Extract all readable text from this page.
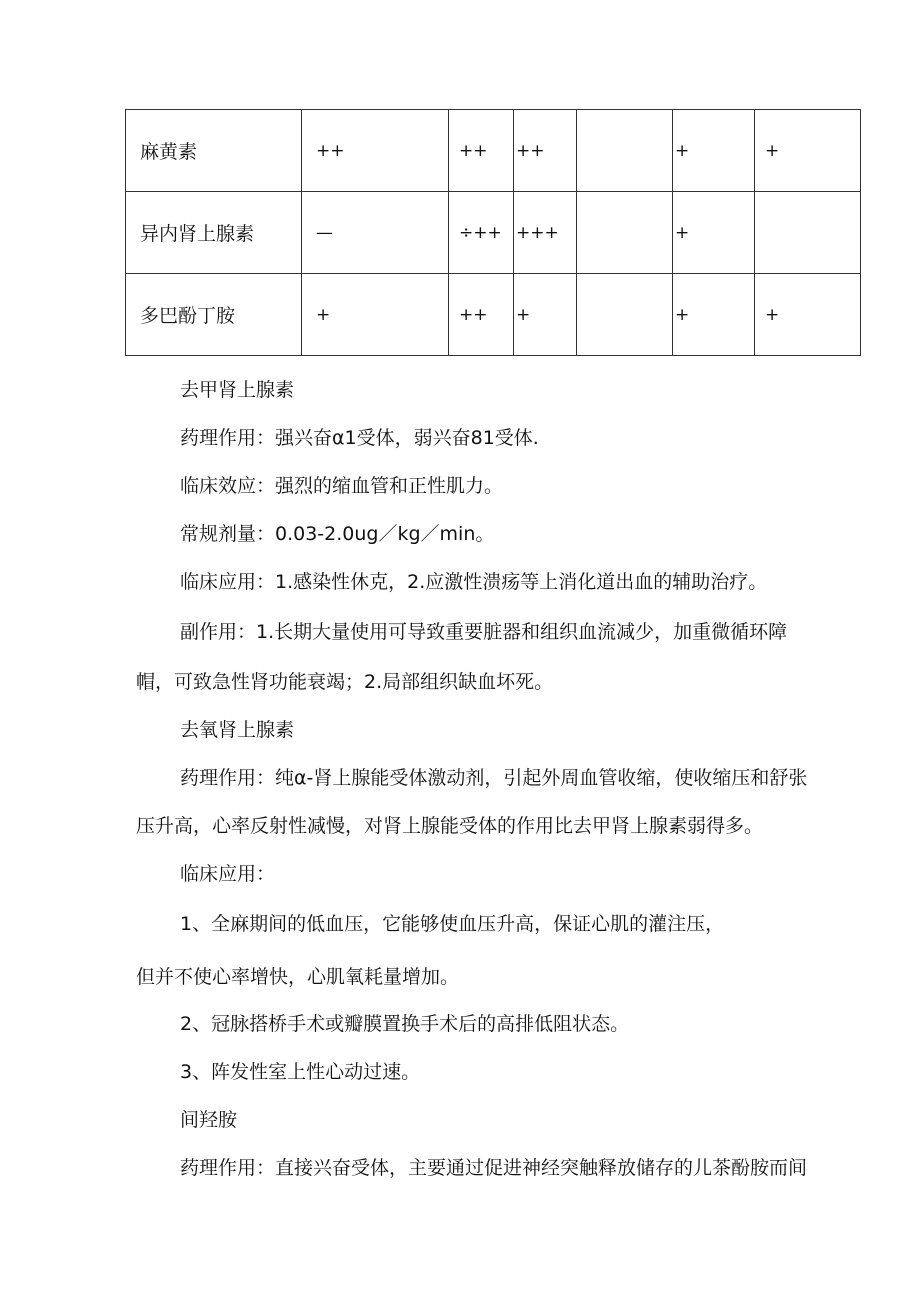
麻黄素	++	++	++		+	+
异内肾上腺素	—	÷++	+++		+	
多巴酚丁胺	+	++	+		+	+

去甲肾上腺素

药理作用：强兴奋α1受体，弱兴奋81受体.

临床效应：强烈的缩血管和正性肌力。

常规剂量：0.03-2.0ug／kg／min。

临床应用：1.感染性休克，2.应激性溃疡等上消化道出血的辅助治疗。

副作用：1.长期大量使用可导致重要脏器和组织血流减少，加重微循环障

帽，可致急性肾功能衰竭；2.局部组织缺血坏死。

去氧肾上腺素

药理作用：纯α-肾上腺能受体激动剂，引起外周血管收缩，使收缩压和舒张

压升高，心率反射性减慢，对肾上腺能受体的作用比去甲肾上腺素弱得多。

临床应用：

1、全麻期间的低血压，它能够使血压升高，保证心肌的灌注压，

但并不使心率增快，心肌氧耗量增加。

2、冠脉搭桥手术或瓣膜置换手术后的高排低阻状态。

3、阵发性室上性心动过速。

间羟胺

药理作用：直接兴奋受体，主要通过促进神经突触释放储存的儿茶酚胺而间
